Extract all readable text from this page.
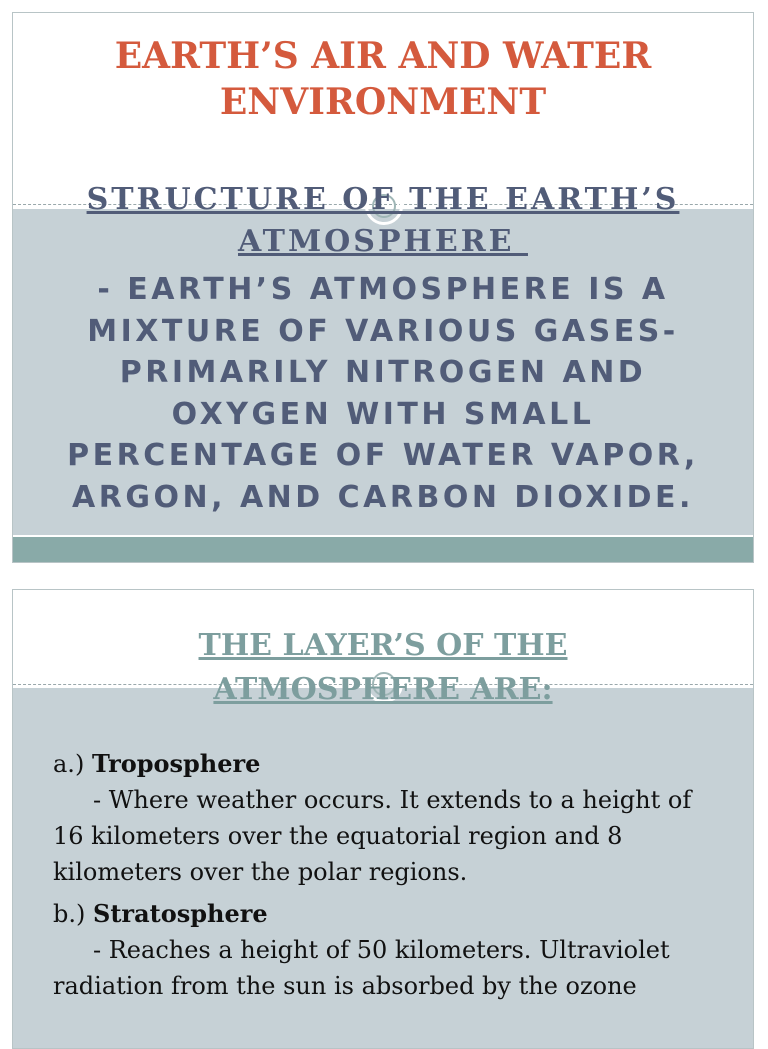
EARTH’S AIR AND WATER
ENVIRONMENT
STRUCTURE OF THE EARTH’S
ATMOSPHERE

- EARTH’S ATMOSPHERE IS A
MIXTURE OF VARIOUS GASES-
PRIMARILY NITROGEN AND
OXYGEN WITH SMALL
PERCENTAGE OF WATER VAPOR,
ARGON, AND CARBON DIOXIDE.

THE LAYER’S OF THE
ATMOSPHERE ARE:

a.) Troposphere

- Where weather occurs. It extends to a height of 16 kilometers over the equatorial region and 8 kilometers over the polar regions.

b.) Stratosphere

- Reaches a height of 50 kilometers. Ultraviolet radiation from the sun is absorbed by the ozone
